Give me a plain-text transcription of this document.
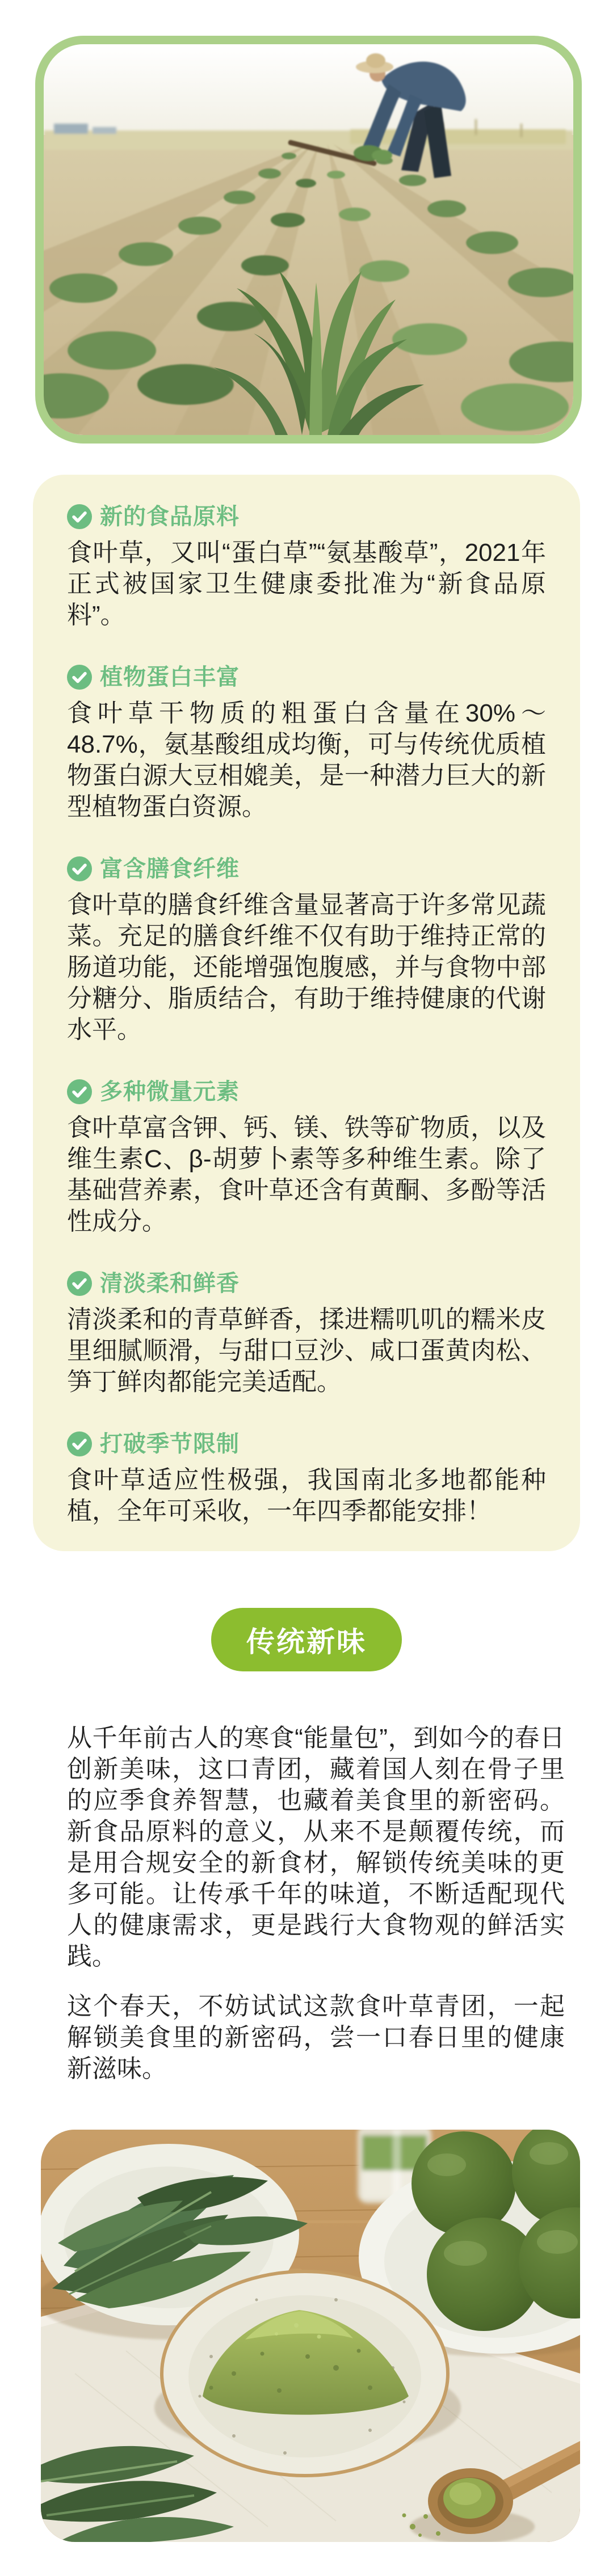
新的食品原料
食叶草，又叫“蛋白草”“氨基酸草”，2021年正式被国家卫生健康委批准为“新食品原料”。
植物蛋白丰富
食叶草干物质的粗蛋白含量在30%～48.7%，氨基酸组成均衡，可与传统优质植物蛋白源大豆相媲美，是一种潜力巨大的新型植物蛋白资源。
富含膳食纤维
食叶草的膳食纤维含量显著高于许多常见蔬菜。充足的膳食纤维不仅有助于维持正常的肠道功能，还能增强饱腹感，并与食物中部分糖分、脂质结合，有助于维持健康的代谢水平。
多种微量元素
食叶草富含钾、钙、镁、铁等矿物质，以及维生素C、β-胡萝卜素等多种维生素。除了基础营养素，食叶草还含有黄酮、多酚等活性成分。
清淡柔和鲜香
清淡柔和的青草鲜香，揉进糯叽叽的糯米皮里细腻顺滑，与甜口豆沙、咸口蛋黄肉松、笋丁鲜肉都能完美适配。
打破季节限制
食叶草适应性极强，我国南北多地都能种植，全年可采收，一年四季都能安排！
传统新味

从千年前古人的寒食“能量包”，到如今的春日创新美味，这口青团，藏着国人刻在骨子里的应季食养智慧，也藏着美食里的新密码。新食品原料的意义，从来不是颠覆传统，而是用合规安全的新食材，解锁传统美味的更多可能。让传承千年的味道，不断适配现代人的健康需求，更是践行大食物观的鲜活实践。

这个春天，不妨试试这款食叶草青团，一起解锁美食里的新密码，尝一口春日里的健康新滋味。
